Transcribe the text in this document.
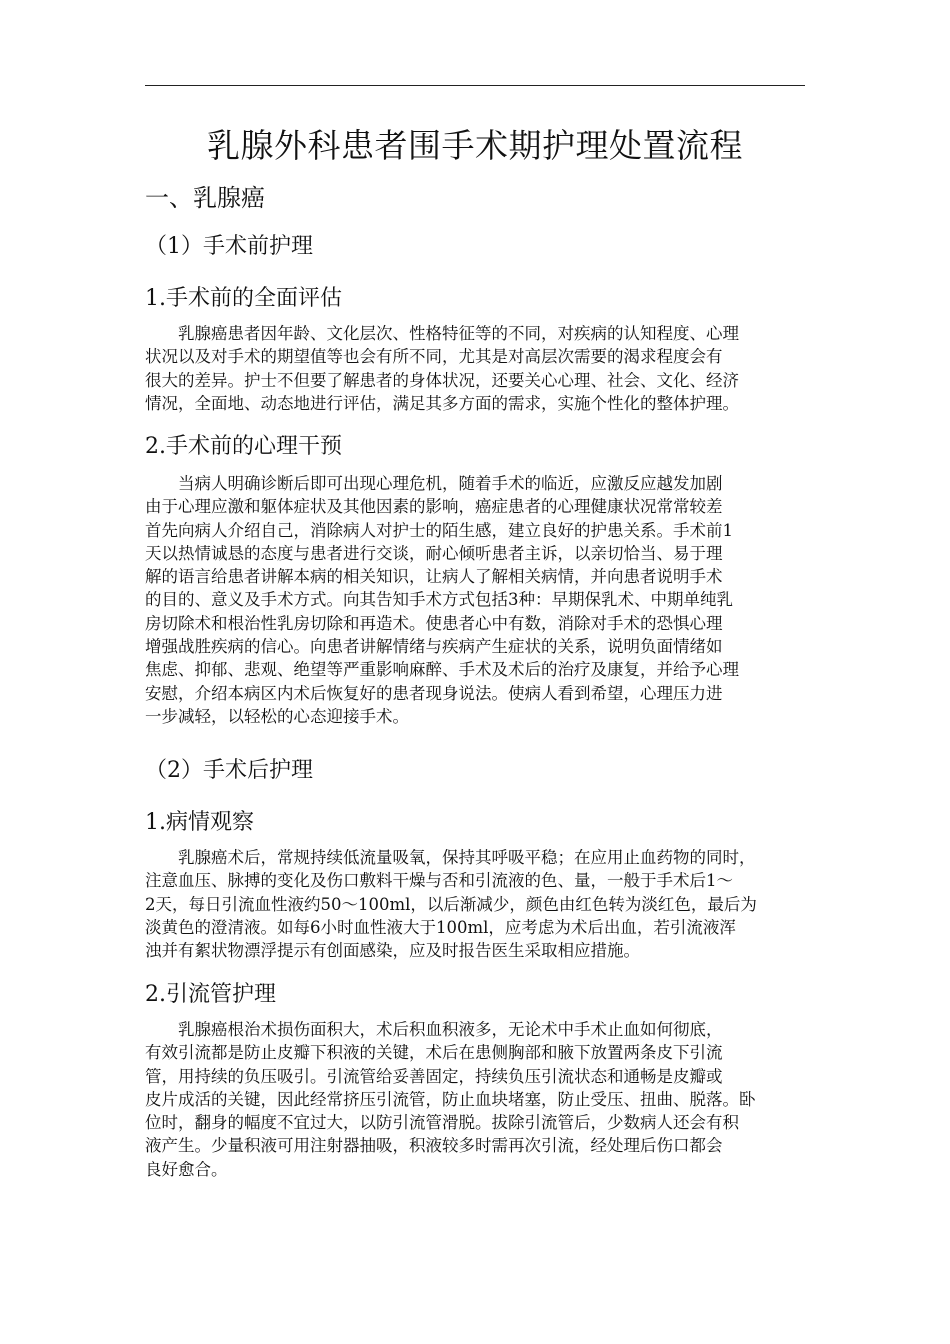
乳腺外科患者围手术期护理处置流程
一、乳腺癌
（1）手术前护理
1.手术前的全面评估
　　乳腺癌患者因年龄、文化层次、性格特征等的不同，对疾病的认知程度、心理
状况以及对手术的期望值等也会有所不同，尤其是对高层次需要的渴求程度会有
很大的差异。护士不但要了解患者的身体状况，还要关心心理、社会、文化、经济
情况，全面地、动态地进行评估，满足其多方面的需求，实施个性化的整体护理。
2.手术前的心理干预
　　当病人明确诊断后即可出现心理危机，随着手术的临近，应激反应越发加剧
由于心理应激和躯体症状及其他因素的影响，癌症患者的心理健康状况常常较差
首先向病人介绍自己，消除病人对护士的陌生感，建立良好的护患关系。手术前1
天以热情诚恳的态度与患者进行交谈，耐心倾听患者主诉，以亲切恰当、易于理
解的语言给患者讲解本病的相关知识，让病人了解相关病情，并向患者说明手术
的目的、意义及手术方式。向其告知手术方式包括3种：早期保乳术、中期单纯乳
房切除术和根治性乳房切除和再造术。使患者心中有数，消除对手术的恐惧心理
增强战胜疾病的信心。向患者讲解情绪与疾病产生症状的关系，说明负面情绪如
焦虑、抑郁、悲观、绝望等严重影响麻醉、手术及术后的治疗及康复，并给予心理
安慰，介绍本病区内术后恢复好的患者现身说法。使病人看到希望，心理压力进
一步减轻，以轻松的心态迎接手术。
（2）手术后护理
1.病情观察
　　乳腺癌术后，常规持续低流量吸氧，保持其呼吸平稳；在应用止血药物的同时，
注意血压、脉搏的变化及伤口敷料干燥与否和引流液的色、量，一般于手术后1～
2天，每日引流血性液约50～100ml，以后渐减少，颜色由红色转为淡红色，最后为
淡黄色的澄清液。如每6小时血性液大于100ml，应考虑为术后出血，若引流液浑
浊并有絮状物漂浮提示有创面感染，应及时报告医生采取相应措施。
2.引流管护理
　　乳腺癌根治术损伤面积大，术后积血积液多，无论术中手术止血如何彻底，
有效引流都是防止皮瓣下积液的关键，术后在患侧胸部和腋下放置两条皮下引流
管，用持续的负压吸引。引流管给妥善固定，持续负压引流状态和通畅是皮瓣或
皮片成活的关键，因此经常挤压引流管，防止血块堵塞，防止受压、扭曲、脱落。卧
位时，翻身的幅度不宜过大，以防引流管滑脱。拔除引流管后，少数病人还会有积
液产生。少量积液可用注射器抽吸，积液较多时需再次引流，经处理后伤口都会
良好愈合。
